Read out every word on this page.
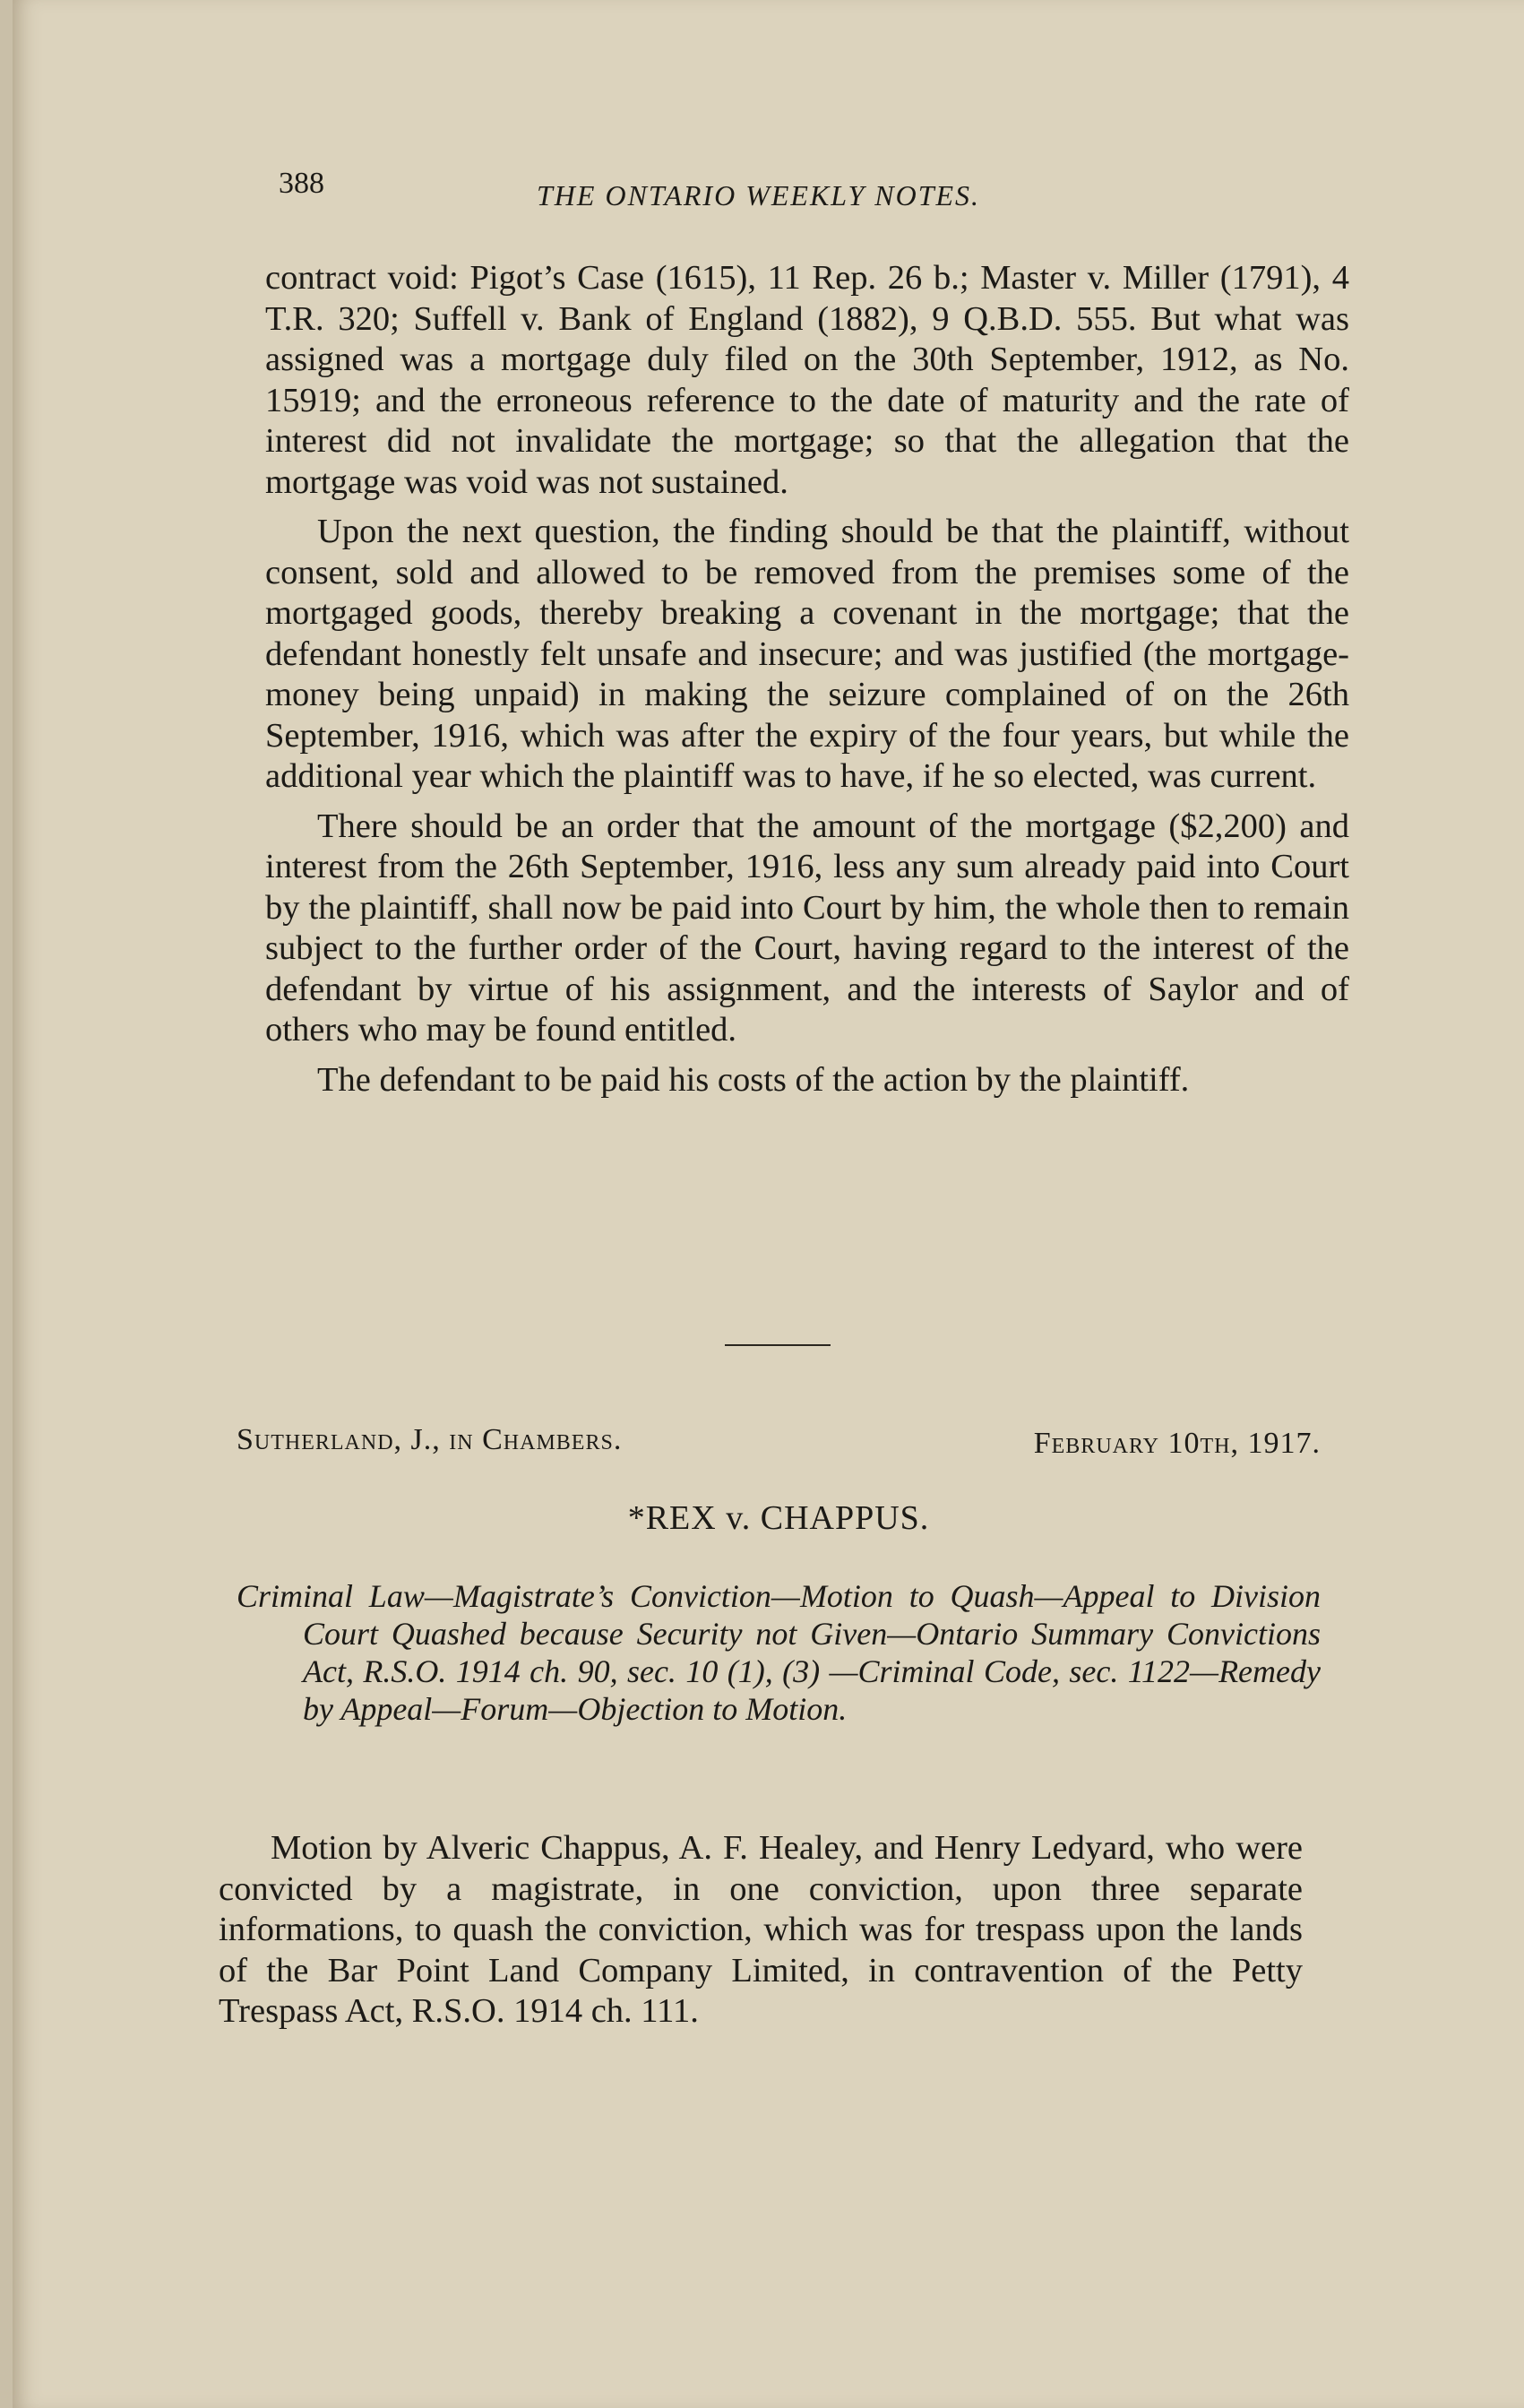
388	THE ONTARIO WEEKLY NOTES.

contract void: Pigot’s Case (1615), 11 Rep. 26 b.; Master v. Miller (1791), 4 T.R. 320; Suffell v. Bank of England (1882), 9 Q.B.D. 555. But what was assigned was a mortgage duly filed on the 30th September, 1912, as No. 15919; and the erroneous reference to the date of maturity and the rate of interest did not invalidate the mortgage; so that the allegation that the mortgage was void was not sustained.

Upon the next question, the finding should be that the plaintiff, without consent, sold and allowed to be removed from the premises some of the mortgaged goods, thereby breaking a covenant in the mortgage; that the defendant honestly felt unsafe and insecure; and was justified (the mortgage-money being unpaid) in making the seizure complained of on the 26th September, 1916, which was after the expiry of the four years, but while the additional year which the plaintiff was to have, if he so elected, was current.

There should be an order that the amount of the mortgage ($2,200) and interest from the 26th September, 1916, less any sum already paid into Court by the plaintiff, shall now be paid into Court by him, the whole then to remain subject to the further order of the Court, having regard to the interest of the defendant by virtue of his assignment, and the interests of Saylor and of others who may be found entitled.

The defendant to be paid his costs of the action by the plaintiff.

Sutherland, J., in Chambers.	February 10th, 1917.
*REX v. CHAPPUS.
Criminal Law—Magistrate’s Conviction—Motion to Quash—Appeal to Division Court Quashed because Security not Given—Ontario Summary Convictions Act, R.S.O. 1914 ch. 90, sec. 10 (1), (3) —Criminal Code, sec. 1122—Remedy by Appeal—Forum—Objection to Motion.

Motion by Alveric Chappus, A. F. Healey, and Henry Ledyard, who were convicted by a magistrate, in one conviction, upon three separate informations, to quash the conviction, which was for trespass upon the lands of the Bar Point Land Company Limited, in contravention of the Petty Trespass Act, R.S.O. 1914 ch. 111.
